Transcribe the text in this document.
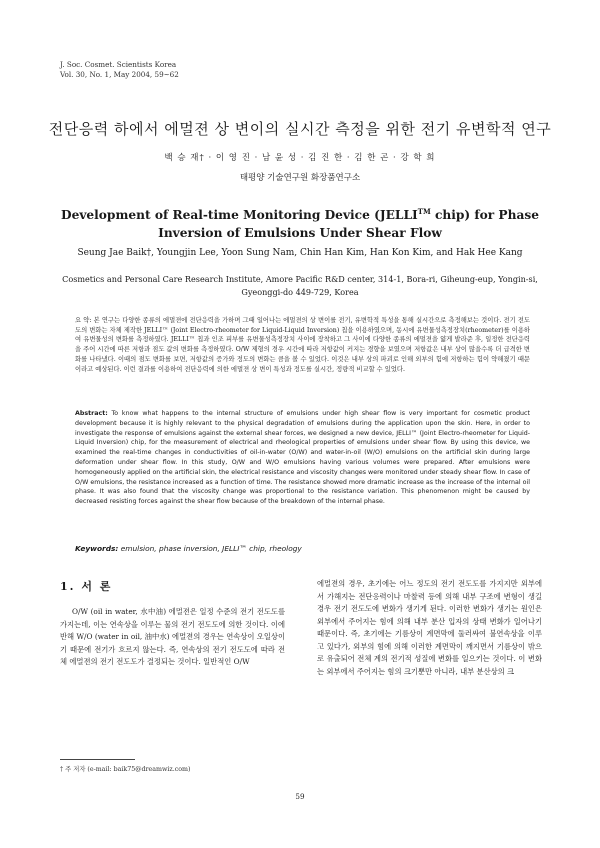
J. Soc. Cosmet. Scientists Korea
Vol. 30, No. 1, May 2004, 59~62
전단응력 하에서 에멀젼 상 변이의 실시간 측정을 위한 전기 유변학적 연구
백 승 재† · 이 영 진 · 남 윤 성 · 김 진 한 · 김 한 곤 · 강 학 희
태평양 기술연구원 화장품연구소
Development of Real-time Monitoring Device (JELLI™ chip) for Phase Inversion of Emulsions Under Shear Flow
Seung Jae Baik†, Youngjin Lee, Yoon Sung Nam, Chin Han Kim, Han Kon Kim, and Hak Hee Kang
Cosmetics and Personal Care Research Institute, Amore Pacific R&D center, 314-1, Bora-ri, Giheung-eup, Yongin-si, Gyeonggi-do 449-729, Korea
요 약: 본 연구는 다양한 종류의 에멀젼에 전단응력을 가하며 그때 일어나는 에멀젼의 상 변이를 전기, 유변학적 특성을 통해 실시간으로 측정해보는 것이다. 전기 전도도의 변화는 자체 제작한 JELLI™ (Joint Electro-rheometer for Liquid-Liquid Inversion) 칩을 이용하였으며, 동시에 유변물성측정장치(rheometer)를 이용하여 유변물성의 변화를 측정하였다. JELLI™ 칩과 인조 피부를 유변물성측정장치 사이에 장착하고 그 사이에 다양한 종류의 에멀젼을 얇게 발라준 후, 일정한 전단응력을 주어 시간에 따른 저항과 점도 값의 변화를 측정하였다. O/W 제형의 경우 시간에 따라 저항값이 커지는 경향을 보였으며 저항값은 내부 상이 많을수록 더 급격한 변화를 나타냈다. 이때의 점도 변화를 보면, 저항값의 증가와 정도의 변화는 큼을 볼 수 있었다. 이것은 내부 상의 파괴로 인해 외부의 힘에 저항하는 힘이 약해졌기 때문이라고 예상된다. 이런 결과를 이용하여 전단응력에 의한 에멀젼 상 변이 특성과 정도를 실시간, 정량적 비교할 수 있었다.
Abstract: To know what happens to the internal structure of emulsions under high shear flow is very important for cosmetic product development because it is highly relevant to the physical degradation of emulsions during the application upon the skin. Here, in order to investigate the response of emulsions against the external shear forces, we designed a new device, JELLI™ (Joint Electro-rheometer for Liquid-Liquid Inversion) chip, for the measurement of electrical and rheological properties of emulsions under shear flow. By using this device, we examined the real-time changes in conductivities of oil-in-water (O/W) and water-in-oil (W/O) emulsions on the artificial skin during large deformation under shear flow. In this study, O/W and W/O emulsions having various volumes were prepared. After emulsions were homogeneously applied on the artificial skin, the electrical resistance and viscosity changes were monitored under steady shear flow. In case of O/W emulsions, the resistance increased as a function of time. The resistance showed more dramatic increase as the increase of the internal oil phase. It was also found that the viscosity change was proportional to the resistance variation. This phenomenon might be caused by decreased resisting forces against the shear flow because of the breakdown of the internal phase.
Keywords: emulsion, phase inversion, JELLI™ chip, rheology
1. 서 론
O/W (oil in water, 水中油) 에멀젼은 일정 수준의 전기 전도도를 가지는데, 이는 연속상을 이루는 물의 전기 전도도에 의한 것이다. 이에 반해 W/O (water in oil, 油中水) 에멀젼의 경우는 연속상이 오일상이기 때문에 전기가 흐르지 않는다. 즉, 연속상의 전기 전도도에 따라 전체 에멀젼의 전기 전도도가 결정되는 것이다. 일반적인 O/W
에멀젼의 경우, 초기에는 어느 정도의 전기 전도도를 가지지만 외부에서 가해지는 전단응력이나 마찰력 등에 의해 내부 구조에 변형이 생길 경우 전기 전도도에 변화가 생기게 된다. 이러한 변화가 생기는 원인은 외부에서 주어지는 힘에 의해 내부 분산 입자의 상태 변화가 일어나기 때문이다. 즉, 초기에는 기름상이 계면막에 둘러싸여 불연속상을 이루고 있다가, 외부의 힘에 의해 이러한 계면막이 깨지면서 기름상이 밖으로 유출되어 전체 계의 전기적 성질에 변화를 일으키는 것이다. 이 변화는 외부에서 주어지는 힘의 크기뿐만 아니라, 내부 분산상의 크
† 주 저자 (e-mail: baik75@dreamwiz.com)
59
